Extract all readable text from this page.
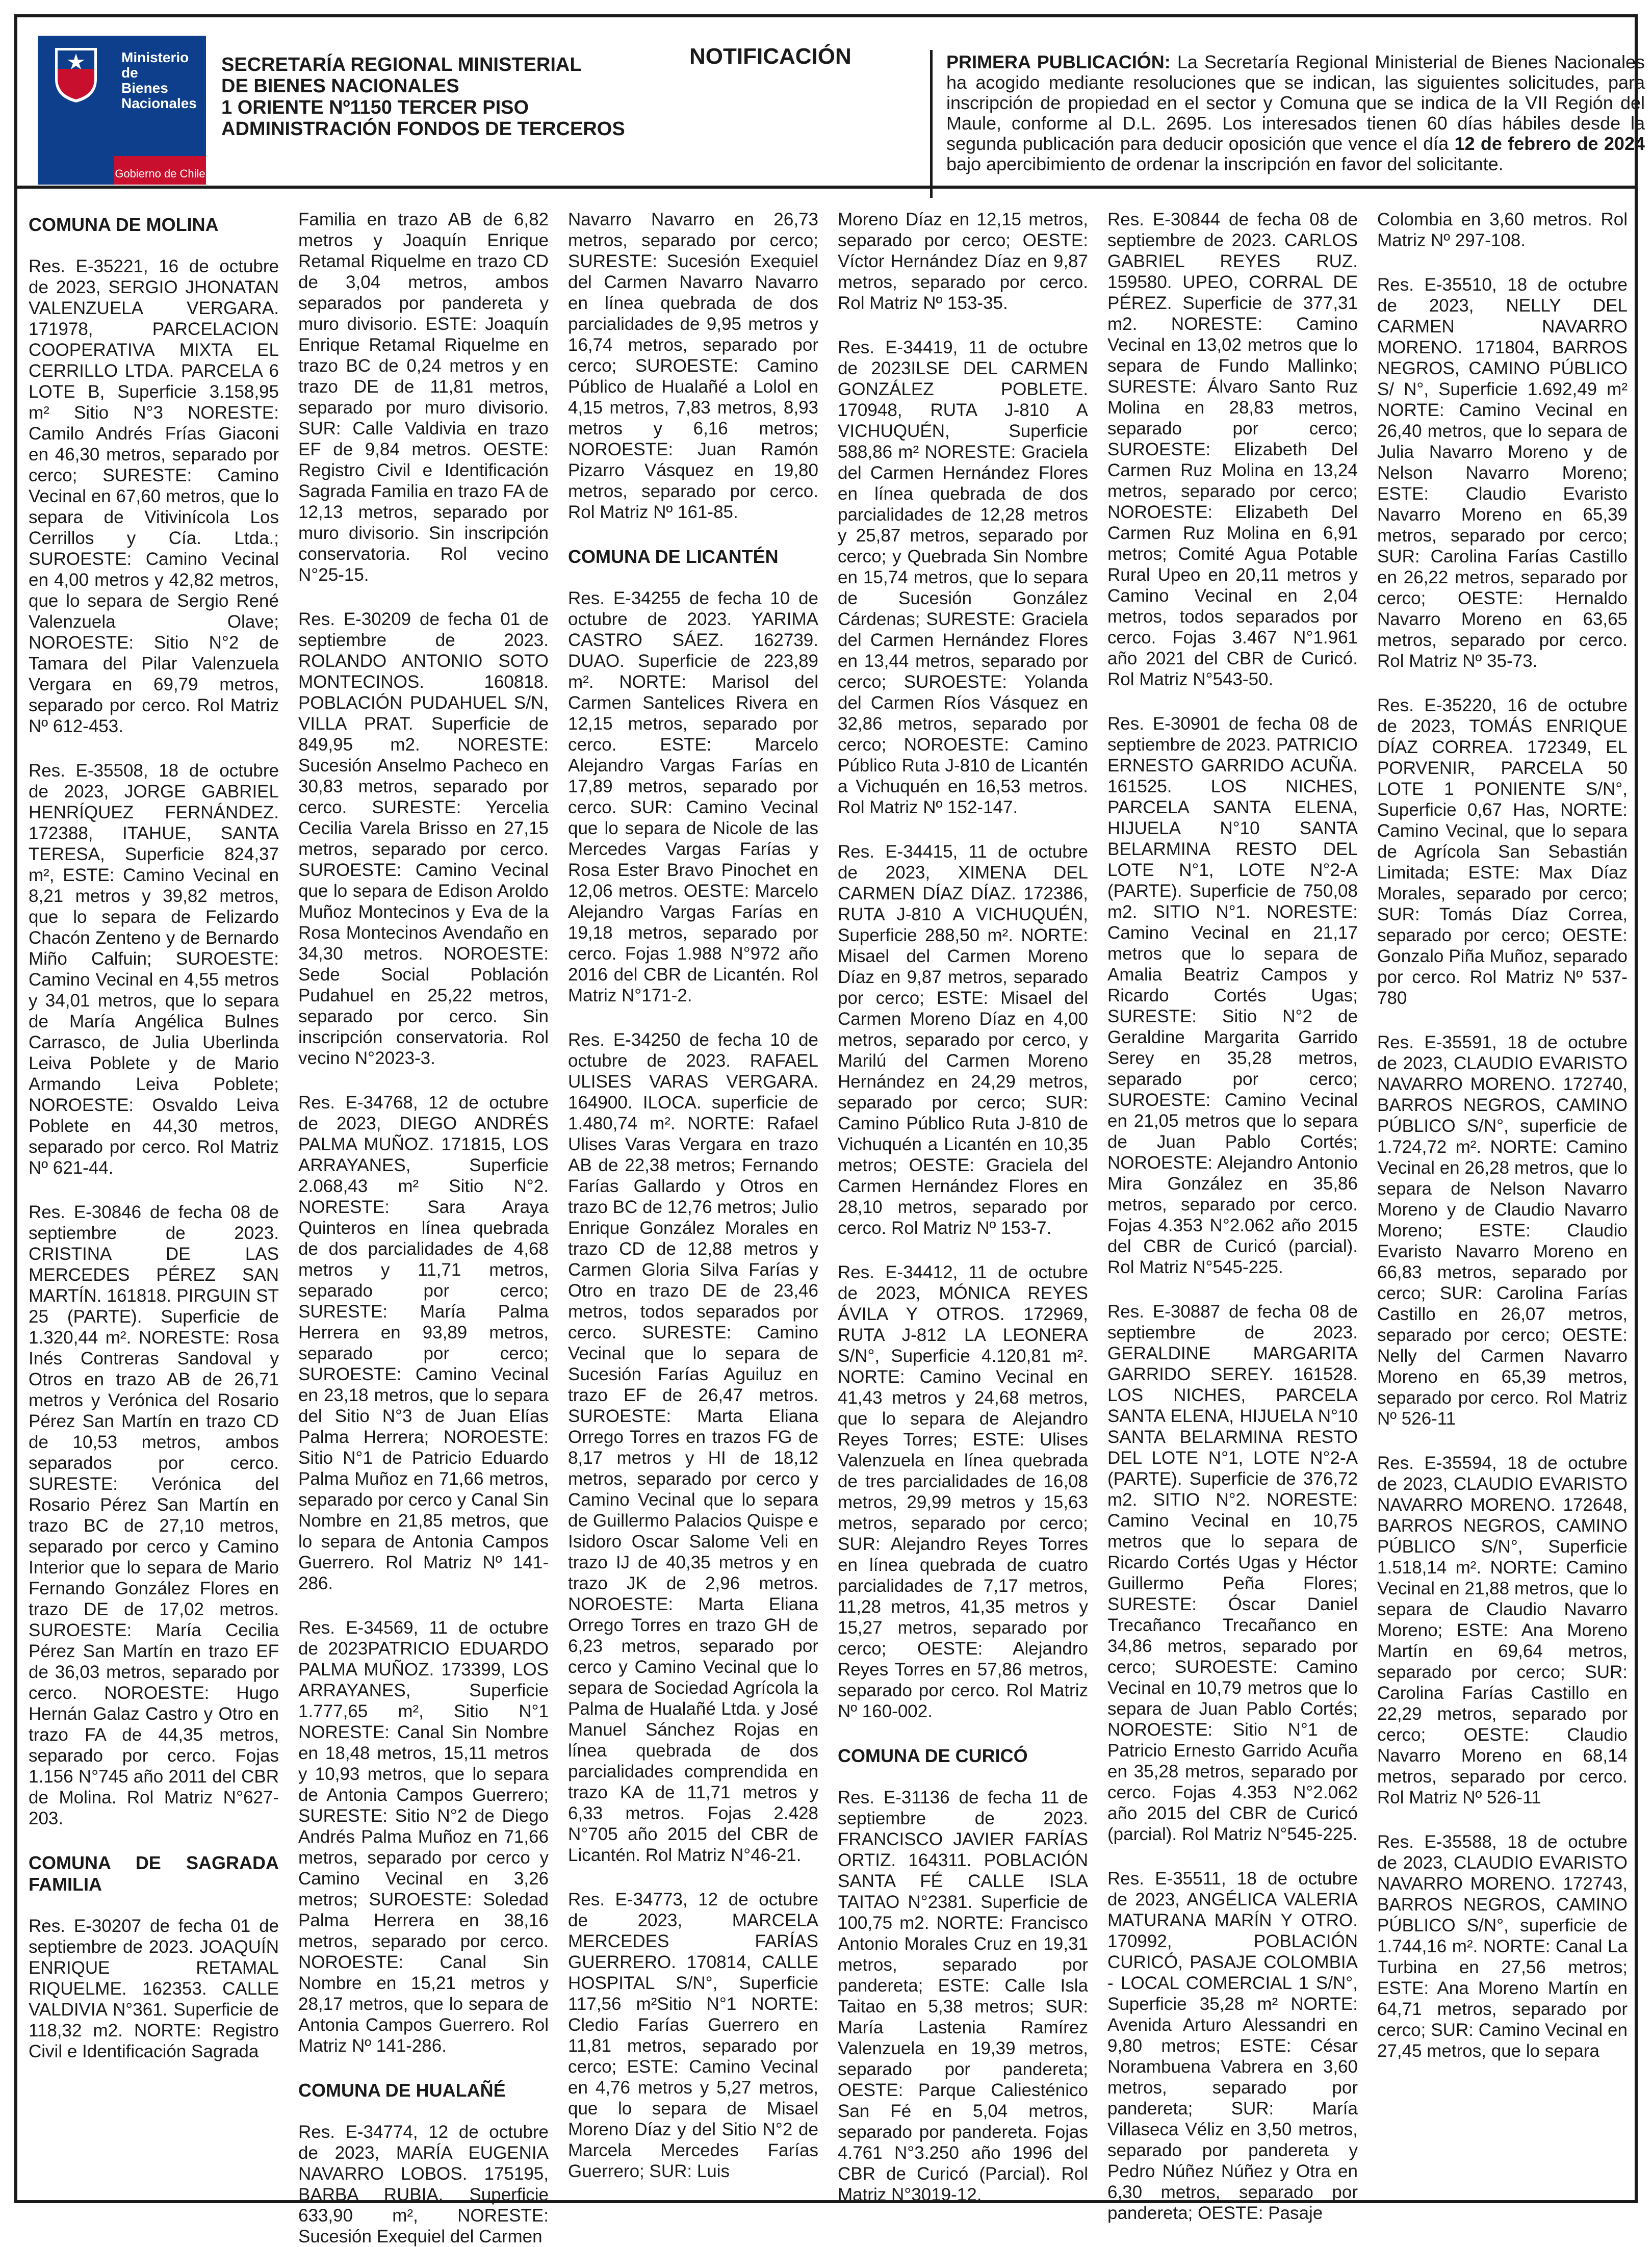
Ministerio de
Bienes
Nacionales
Gobierno de Chile
SECRETARÍA REGIONAL MINISTERIAL
DE BIENES NACIONALES
1 ORIENTE Nº1150 TERCER PISO
ADMINISTRACIÓN FONDOS DE TERCEROS
NOTIFICACIÓN	PRIMERA PUBLICACIÓN: La Secretaría Regional Ministerial de Bienes Nacionales ha acogido mediante resoluciones que se indican, las siguientes solicitudes, para inscripción de propiedad en el sector y Comuna que se indica de la VII Región del Maule, conforme al D.L. 2695. Los interesados tienen 60 días hábiles desde la segunda publicación para deducir oposición que vence el día 12 de febrero de 2024 bajo apercibimiento de ordenar la inscripción en favor del solicitante.
COMUNA DE MOLINA

Res. E-35221, 16 de octubre de 2023, SERGIO JHONATAN VALENZUELA VERGARA. 171978, PARCELACION COOPERATIVA MIXTA EL CERRILLO LTDA. PARCELA 6 LOTE B, Superficie 3.158,95 m² Sitio N°3 NORESTE: Camilo Andrés Frías Giaconi en 46,30 metros, separado por cerco; SURESTE: Camino Vecinal en 67,60 metros, que lo separa de Vitivinícola Los Cerrillos y Cía. Ltda.; SUROESTE: Camino Vecinal en 4,00 metros y 42,82 metros, que lo separa de Sergio René Valenzuela Olave; NOROESTE: Sitio N°2 de Tamara del Pilar Valenzuela Vergara en 69,79 metros, separado por cerco. Rol Matriz Nº 612-453.

Res. E-35508, 18 de octubre de 2023, JORGE GABRIEL HENRÍQUEZ FERNÁNDEZ. 172388, ITAHUE, SANTA TERESA, Superficie 824,37 m², ESTE: Camino Vecinal en 8,21 metros y 39,82 metros, que lo separa de Felizardo Chacón Zenteno y de Bernardo Miño Calfuin; SUROESTE: Camino Vecinal en 4,55 metros y 34,01 metros, que lo separa de María Angélica Bulnes Carrasco, de Julia Uberlinda Leiva Poblete y de Mario Armando Leiva Poblete; NOROESTE: Osvaldo Leiva Poblete en 44,30 metros, separado por cerco. Rol Matriz Nº 621-44.

Res. E-30846 de fecha 08 de septiembre de 2023. CRISTINA DE LAS MERCEDES PÉREZ SAN MARTÍN. 161818. PIRGUIN ST 25 (PARTE). Superficie de 1.320,44 m². NORESTE: Rosa Inés Contreras Sandoval y Otros en trazo AB de 26,71 metros y Verónica del Rosario Pérez San Martín en trazo CD de 10,53 metros, ambos separados por cerco. SURESTE: Verónica del Rosario Pérez San Martín en trazo BC de 27,10 metros, separado por cerco y Camino Interior que lo separa de Mario Fernando González Flores en trazo DE de 17,02 metros. SUROESTE: María Cecilia Pérez San Martín en trazo EF de 36,03 metros, separado por cerco. NOROESTE: Hugo Hernán Galaz Castro y Otro en trazo FA de 44,35 metros, separado por cerco. Fojas 1.156 N°745 año 2011 del CBR de Molina. Rol Matriz N°627-203.

COMUNA DE SAGRADA FAMILIA

Res. E-30207 de fecha 01 de septiembre de 2023. JOAQUÍN ENRIQUE RETAMAL RIQUELME. 162353. CALLE VALDIVIA N°361. Superficie de 118,32 m2. NORTE: Registro Civil e Identificación Sagrada

Familia en trazo AB de 6,82 metros y Joaquín Enrique Retamal Riquelme en trazo CD de 3,04 metros, ambos separados por pandereta y muro divisorio. ESTE: Joaquín Enrique Retamal Riquelme en trazo BC de 0,24 metros y en trazo DE de 11,81 metros, separado por muro divisorio. SUR: Calle Valdivia en trazo EF de 9,84 metros. OESTE: Registro Civil e Identificación Sagrada Familia en trazo FA de 12,13 metros, separado por muro divisorio. Sin inscripción conservatoria. Rol vecino N°25-15.

Res. E-30209 de fecha 01 de septiembre de 2023. ROLANDO ANTONIO SOTO MONTECINOS. 160818. POBLACIÓN PUDAHUEL S/N, VILLA PRAT. Superficie de 849,95 m2. NORESTE: Sucesión Anselmo Pacheco en 30,83 metros, separado por cerco. SURESTE: Yercelia Cecilia Varela Brisso en 27,15 metros, separado por cerco. SUROESTE: Camino Vecinal que lo separa de Edison Aroldo Muñoz Montecinos y Eva de la Rosa Montecinos Avendaño en 34,30 metros. NOROESTE: Sede Social Población Pudahuel en 25,22 metros, separado por cerco. Sin inscripción conservatoria. Rol vecino N°2023-3.

Res. E-34768, 12 de octubre de 2023, DIEGO ANDRÉS PALMA MUÑOZ. 171815, LOS ARRAYANES, Superficie 2.068,43 m² Sitio N°2. NORESTE: Sara Araya Quinteros en línea quebrada de dos parcialidades de 4,68 metros y 11,71 metros, separado por cerco; SURESTE: María Palma Herrera en 93,89 metros, separado por cerco; SUROESTE: Camino Vecinal en 23,18 metros, que lo separa del Sitio N°3 de Juan Elías Palma Herrera; NOROESTE: Sitio N°1 de Patricio Eduardo Palma Muñoz en 71,66 metros, separado por cerco y Canal Sin Nombre en 21,85 metros, que lo separa de Antonia Campos Guerrero. Rol Matriz Nº 141-286.

Res. E-34569, 11 de octubre de 2023PATRICIO EDUARDO PALMA MUÑOZ. 173399, LOS ARRAYANES, Superficie 1.777,65 m², Sitio N°1 NORESTE: Canal Sin Nombre en 18,48 metros, 15,11 metros y 10,93 metros, que lo separa de Antonia Campos Guerrero; SURESTE: Sitio N°2 de Diego Andrés Palma Muñoz en 71,66 metros, separado por cerco y Camino Vecinal en 3,26 metros; SUROESTE: Soledad Palma Herrera en 38,16 metros, separado por cerco. NOROESTE: Canal Sin Nombre en 15,21 metros y 28,17 metros, que lo separa de Antonia Campos Guerrero. Rol Matriz Nº 141-286.

COMUNA DE HUALAÑÉ

Res. E-34774, 12 de octubre de 2023, MARÍA EUGENIA NAVARRO LOBOS. 175195, BARBA RUBIA, Superficie 633,90 m², NORESTE: Sucesión Exequiel del Carmen

Navarro Navarro en 26,73 metros, separado por cerco; SURESTE: Sucesión Exequiel del Carmen Navarro Navarro en línea quebrada de dos parcialidades de 9,95 metros y 16,74 metros, separado por cerco; SUROESTE: Camino Público de Hualañé a Lolol en 4,15 metros, 7,83 metros, 8,93 metros y 6,16 metros; NOROESTE: Juan Ramón Pizarro Vásquez en 19,80 metros, separado por cerco. Rol Matriz Nº 161-85.

COMUNA DE LICANTÉN

Res. E-34255 de fecha 10 de octubre de 2023. YARIMA CASTRO SÁEZ. 162739. DUAO. Superficie de 223,89 m². NORTE: Marisol del Carmen Santelices Rivera en 12,15 metros, separado por cerco. ESTE: Marcelo Alejandro Vargas Farías en 17,89 metros, separado por cerco. SUR: Camino Vecinal que lo separa de Nicole de las Mercedes Vargas Farías y Rosa Ester Bravo Pinochet en 12,06 metros. OESTE: Marcelo Alejandro Vargas Farías en 19,18 metros, separado por cerco. Fojas 1.988 N°972 año 2016 del CBR de Licantén. Rol Matriz N°171-2.

Res. E-34250 de fecha 10 de octubre de 2023. RAFAEL ULISES VARAS VERGARA. 164900. ILOCA. superficie de 1.480,74 m². NORTE: Rafael Ulises Varas Vergara en trazo AB de 22,38 metros; Fernando Farías Gallardo y Otros en trazo BC de 12,76 metros; Julio Enrique González Morales en trazo CD de 12,88 metros y Carmen Gloria Silva Farías y Otro en trazo DE de 23,46 metros, todos separados por cerco. SURESTE: Camino Vecinal que lo separa de Sucesión Farías Aguiluz en trazo EF de 26,47 metros. SUROESTE: Marta Eliana Orrego Torres en trazos FG de 8,17 metros y HI de 18,12 metros, separado por cerco y Camino Vecinal que lo separa de Guillermo Palacios Quispe e Isidoro Oscar Salome Veli en trazo IJ de 40,35 metros y en trazo JK de 2,96 metros. NOROESTE: Marta Eliana Orrego Torres en trazo GH de 6,23 metros, separado por cerco y Camino Vecinal que lo separa de Sociedad Agrícola la Palma de Hualañé Ltda. y José Manuel Sánchez Rojas en línea quebrada de dos parcialidades comprendida en trazo KA de 11,71 metros y 6,33 metros. Fojas 2.428 N°705 año 2015 del CBR de Licantén. Rol Matriz N°46-21.

Res. E-34773, 12 de octubre de 2023, MARCELA MERCEDES FARÍAS GUERRERO. 170814, CALLE HOSPITAL S/N°, Superficie 117,56 m²Sitio N°1 NORTE: Cledio Farías Guerrero en 11,81 metros, separado por cerco; ESTE: Camino Vecinal en 4,76 metros y 5,27 metros, que lo separa de Misael Moreno Díaz y del Sitio N°2 de Marcela Mercedes Farías Guerrero; SUR: Luis

Moreno Díaz en 12,15 metros, separado por cerco; OESTE: Víctor Hernández Díaz en 9,87 metros, separado por cerco. Rol Matriz Nº 153-35.

Res. E-34419, 11 de octubre de 2023ILSE DEL CARMEN GONZÁLEZ POBLETE. 170948, RUTA J-810 A VICHUQUÉN, Superficie 588,86 m² NORESTE: Graciela del Carmen Hernández Flores en línea quebrada de dos parcialidades de 12,28 metros y 25,87 metros, separado por cerco; y Quebrada Sin Nombre en 15,74 metros, que lo separa de Sucesión González Cárdenas; SURESTE: Graciela del Carmen Hernández Flores en 13,44 metros, separado por cerco; SUROESTE: Yolanda del Carmen Ríos Vásquez en 32,86 metros, separado por cerco; NOROESTE: Camino Público Ruta J-810 de Licantén a Vichuquén en 16,53 metros. Rol Matriz Nº 152-147.

Res. E-34415, 11 de octubre de 2023, XIMENA DEL CARMEN DÍAZ DÍAZ. 172386, RUTA J-810 A VICHUQUÉN, Superficie 288,50 m². NORTE: Misael del Carmen Moreno Díaz en 9,87 metros, separado por cerco; ESTE: Misael del Carmen Moreno Díaz en 4,00 metros, separado por cerco, y Marilú del Carmen Moreno Hernández en 24,29 metros, separado por cerco; SUR: Camino Público Ruta J-810 de Vichuquén a Licantén en 10,35 metros; OESTE: Graciela del Carmen Hernández Flores en 28,10 metros, separado por cerco. Rol Matriz Nº 153-7.

Res. E-34412, 11 de octubre de 2023, MÓNICA REYES ÁVILA Y OTROS. 172969, RUTA J-812 LA LEONERA S/N°, Superficie 4.120,81 m². NORTE: Camino Vecinal en 41,43 metros y 24,68 metros, que lo separa de Alejandro Reyes Torres; ESTE: Ulises Valenzuela en línea quebrada de tres parcialidades de 16,08 metros, 29,99 metros y 15,63 metros, separado por cerco; SUR: Alejandro Reyes Torres en línea quebrada de cuatro parcialidades de 7,17 metros, 11,28 metros, 41,35 metros y 15,27 metros, separado por cerco; OESTE: Alejandro Reyes Torres en 57,86 metros, separado por cerco. Rol Matriz Nº 160-002.

COMUNA DE CURICÓ

Res. E-31136 de fecha 11 de septiembre de 2023. FRANCISCO JAVIER FARÍAS ORTIZ. 164311. POBLACIÓN SANTA FÉ CALLE ISLA TAITAO N°2381. Superficie de 100,75 m2. NORTE: Francisco Antonio Morales Cruz en 19,31 metros, separado por pandereta; ESTE: Calle Isla Taitao en 5,38 metros; SUR: María Lastenia Ramírez Valenzuela en 19,39 metros, separado por pandereta; OESTE: Parque Caliesténico San Fé en 5,04 metros, separado por pandereta. Fojas 4.761 N°3.250 año 1996 del CBR de Curicó (Parcial). Rol Matriz N°3019-12.

Res. E-30844 de fecha 08 de septiembre de 2023. CARLOS GABRIEL REYES RUZ. 159580. UPEO, CORRAL DE PÉREZ. Superficie de 377,31 m2. NORESTE: Camino Vecinal en 13,02 metros que lo separa de Fundo Mallinko; SURESTE: Álvaro Santo Ruz Molina en 28,83 metros, separado por cerco; SUROESTE: Elizabeth Del Carmen Ruz Molina en 13,24 metros, separado por cerco; NOROESTE: Elizabeth Del Carmen Ruz Molina en 6,91 metros; Comité Agua Potable Rural Upeo en 20,11 metros y Camino Vecinal en 2,04 metros, todos separados por cerco. Fojas 3.467 N°1.961 año 2021 del CBR de Curicó. Rol Matriz N°543-50.

Res. E-30901 de fecha 08 de septiembre de 2023. PATRICIO ERNESTO GARRIDO ACUÑA. 161525. LOS NICHES, PARCELA SANTA ELENA, HIJUELA N°10 SANTA BELARMINA RESTO DEL LOTE N°1, LOTE N°2-A (PARTE). Superficie de 750,08 m2. SITIO N°1. NORESTE: Camino Vecinal en 21,17 metros que lo separa de Amalia Beatriz Campos y Ricardo Cortés Ugas; SURESTE: Sitio N°2 de Geraldine Margarita Garrido Serey en 35,28 metros, separado por cerco; SUROESTE: Camino Vecinal en 21,05 metros que lo separa de Juan Pablo Cortés; NOROESTE: Alejandro Antonio Mira González en 35,86 metros, separado por cerco. Fojas 4.353 N°2.062 año 2015 del CBR de Curicó (parcial). Rol Matriz N°545-225.

Res. E-30887 de fecha 08 de septiembre de 2023. GERALDINE MARGARITA GARRIDO SEREY. 161528. LOS NICHES, PARCELA SANTA ELENA, HIJUELA N°10 SANTA BELARMINA RESTO DEL LOTE N°1, LOTE N°2-A (PARTE). Superficie de 376,72 m2. SITIO N°2. NORESTE: Camino Vecinal en 10,75 metros que lo separa de Ricardo Cortés Ugas y Héctor Guillermo Peña Flores; SURESTE: Óscar Daniel Trecañanco Trecañanco en 34,86 metros, separado por cerco; SUROESTE: Camino Vecinal en 10,79 metros que lo separa de Juan Pablo Cortés; NOROESTE: Sitio N°1 de Patricio Ernesto Garrido Acuña en 35,28 metros, separado por cerco. Fojas 4.353 N°2.062 año 2015 del CBR de Curicó (parcial). Rol Matriz N°545-225.

Res. E-35511, 18 de octubre de 2023, ANGÉLICA VALERIA MATURANA MARÍN Y OTRO. 170992, POBLACIÓN CURICÓ, PASAJE COLOMBIA - LOCAL COMERCIAL 1 S/N°, Superficie 35,28 m² NORTE: Avenida Arturo Alessandri en 9,80 metros; ESTE: César Norambuena Vabrera en 3,60 metros, separado por pandereta; SUR: María Villaseca Véliz en 3,50 metros, separado por pandereta y Pedro Núñez Núñez y Otra en 6,30 metros, separado por pandereta; OESTE: Pasaje

Colombia en 3,60 metros. Rol Matriz Nº 297-108.

Res. E-35510, 18 de octubre de 2023, NELLY DEL CARMEN NAVARRO MORENO. 171804, BARROS NEGROS, CAMINO PÚBLICO S/ N°, Superficie 1.692,49 m² NORTE: Camino Vecinal en 26,40 metros, que lo separa de Julia Navarro Moreno y de Nelson Navarro Moreno; ESTE: Claudio Evaristo Navarro Moreno en 65,39 metros, separado por cerco; SUR: Carolina Farías Castillo en 26,22 metros, separado por cerco; OESTE: Hernaldo Navarro Moreno en 63,65 metros, separado por cerco. Rol Matriz Nº 35-73.

Res. E-35220, 16 de octubre de 2023, TOMÁS ENRIQUE DÍAZ CORREA. 172349, EL PORVENIR, PARCELA 50 LOTE 1 PONIENTE S/N°, Superficie 0,67 Has, NORTE: Camino Vecinal, que lo separa de Agrícola San Sebastián Limitada; ESTE: Max Díaz Morales, separado por cerco; SUR: Tomás Díaz Correa, separado por cerco; OESTE: Gonzalo Piña Muñoz, separado por cerco. Rol Matriz Nº 537-780

Res. E-35591, 18 de octubre de 2023, CLAUDIO EVARISTO NAVARRO MORENO. 172740, BARROS NEGROS, CAMINO PÚBLICO S/N°, superficie de 1.724,72 m². NORTE: Camino Vecinal en 26,28 metros, que lo separa de Nelson Navarro Moreno y de Claudio Navarro Moreno; ESTE: Claudio Evaristo Navarro Moreno en 66,83 metros, separado por cerco; SUR: Carolina Farías Castillo en 26,07 metros, separado por cerco; OESTE: Nelly del Carmen Navarro Moreno en 65,39 metros, separado por cerco. Rol Matriz Nº 526-11

Res. E-35594, 18 de octubre de 2023, CLAUDIO EVARISTO NAVARRO MORENO. 172648, BARROS NEGROS, CAMINO PÚBLICO S/N°, Superficie 1.518,14 m². NORTE: Camino Vecinal en 21,88 metros, que lo separa de Claudio Navarro Moreno; ESTE: Ana Moreno Martín en 69,64 metros, separado por cerco; SUR: Carolina Farías Castillo en 22,29 metros, separado por cerco; OESTE: Claudio Navarro Moreno en 68,14 metros, separado por cerco. Rol Matriz Nº 526-11

Res. E-35588, 18 de octubre de 2023, CLAUDIO EVARISTO NAVARRO MORENO. 172743, BARROS NEGROS, CAMINO PÚBLICO S/N°, superficie de 1.744,16 m². NORTE: Canal La Turbina en 27,56 metros; ESTE: Ana Moreno Martín en 64,71 metros, separado por cerco; SUR: Camino Vecinal en 27,45 metros, que lo separa
